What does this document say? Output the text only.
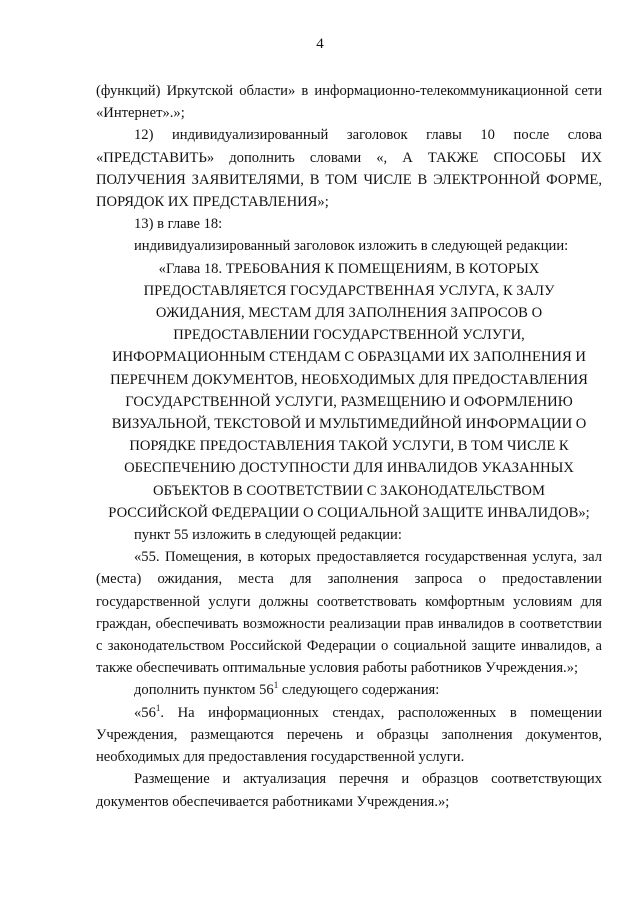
4

(функций) Иркутской области» в информационно-телекоммуникационной сети «Интернет».»;

12) индивидуализированный заголовок главы 10 после слова «ПРЕДСТАВИТЬ» дополнить словами «, А ТАКЖЕ СПОСОБЫ ИХ ПОЛУЧЕНИЯ ЗАЯВИТЕЛЯМИ, В ТОМ ЧИСЛЕ В ЭЛЕКТРОННОЙ ФОРМЕ, ПОРЯДОК ИХ ПРЕДСТАВЛЕНИЯ»;

13) в главе 18:

индивидуализированный заголовок изложить в следующей редакции:

«Глава 18. ТРЕБОВАНИЯ К ПОМЕЩЕНИЯМ, В КОТОРЫХ
ПРЕДОСТАВЛЯЕТСЯ ГОСУДАРСТВЕННАЯ УСЛУГА, К ЗАЛУ
ОЖИДАНИЯ, МЕСТАМ ДЛЯ ЗАПОЛНЕНИЯ ЗАПРОСОВ О
ПРЕДОСТАВЛЕНИИ ГОСУДАРСТВЕННОЙ УСЛУГИ,
ИНФОРМАЦИОННЫМ СТЕНДАМ С ОБРАЗЦАМИ ИХ ЗАПОЛНЕНИЯ И
ПЕРЕЧНЕМ ДОКУМЕНТОВ, НЕОБХОДИМЫХ ДЛЯ ПРЕДОСТАВЛЕНИЯ
ГОСУДАРСТВЕННОЙ УСЛУГИ, РАЗМЕЩЕНИЮ И ОФОРМЛЕНИЮ
ВИЗУАЛЬНОЙ, ТЕКСТОВОЙ И МУЛЬТИМЕДИЙНОЙ ИНФОРМАЦИИ О
ПОРЯДКЕ ПРЕДОСТАВЛЕНИЯ ТАКОЙ УСЛУГИ, В ТОМ ЧИСЛЕ К
ОБЕСПЕЧЕНИЮ ДОСТУПНОСТИ ДЛЯ ИНВАЛИДОВ УКАЗАННЫХ
ОБЪЕКТОВ В СООТВЕТСТВИИ С ЗАКОНОДАТЕЛЬСТВОМ
РОССИЙСКОЙ ФЕДЕРАЦИИ О СОЦИАЛЬНОЙ ЗАЩИТЕ ИНВАЛИДОВ»;

пункт 55 изложить в следующей редакции:

«55. Помещения, в которых предоставляется государственная услуга, зал (места) ожидания, места для заполнения запроса о предоставлении государственной услуги должны соответствовать комфортным условиям для граждан, обеспечивать возможности реализации прав инвалидов в соответствии с законодательством Российской Федерации о социальной защите инвалидов, а также обеспечивать оптимальные условия работы работников Учреждения.»;

дополнить пунктом $56^1$ следующего содержания:

«$56^1$. На информационных стендах, расположенных в помещении Учреждения, размещаются перечень и образцы заполнения документов, необходимых для предоставления государственной услуги.

Размещение и актуализация перечня и образцов соответствующих документов обеспечивается работниками Учреждения.»;
